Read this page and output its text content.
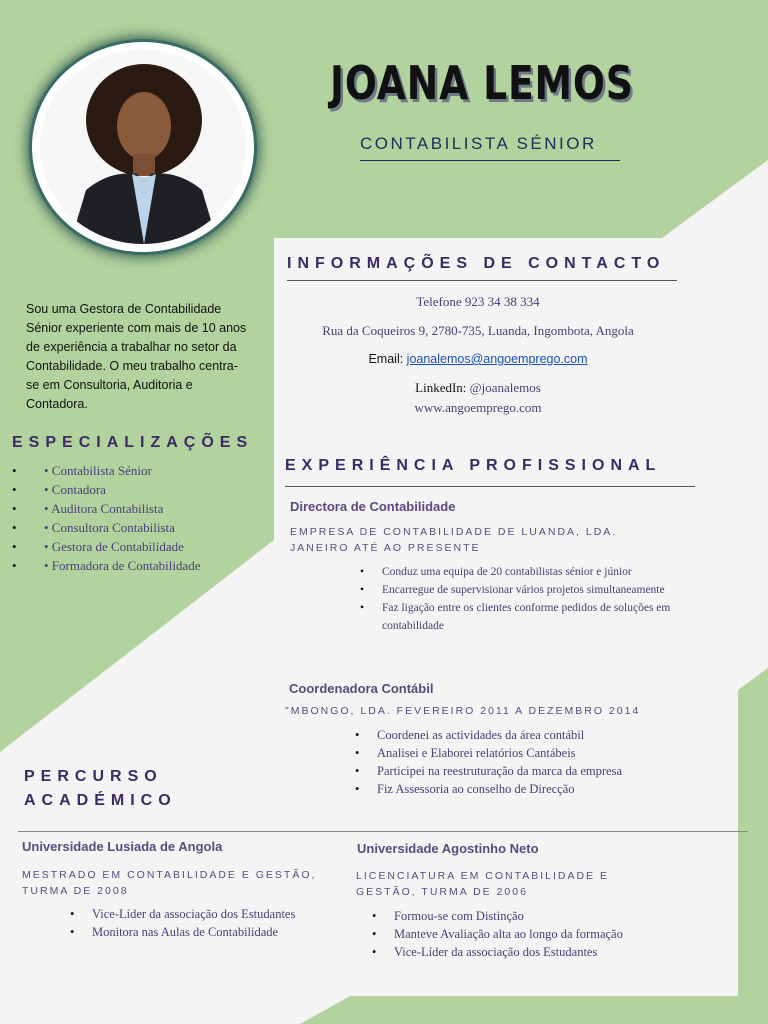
JOANA LEMOS
CONTABILISTA SÉNIOR
Sou uma Gestora de Contabilidade Sénior experiente com mais de 10 anos de experiência a trabalhar no setor da Contabilidade. O meu trabalho centra-se em Consultoria, Auditoria e Contadora.
ESPECIALIZAÇÕES
• • Contabilista Sénior
• • Contadora
• • Auditora Contabilista
• • Consultora Contabilista
• • Gestora de Contabilidade
• • Formadora de Contabilidade
INFORMAÇÕES DE CONTACTO
Telefone 923 34 38 334
Rua da Coqueiros 9, 2780-735, Luanda, Ingombota, Angola
Email: joanalemos@angoemprego.com
LinkedIn: @joanalemos
www.angoemprego.com
EXPERIÊNCIA PROFISSIONAL
Directora de Contabilidade
EMPRESA DE CONTABILIDADE DE LUANDA, LDA. JANEIRO ATÉ AO PRESENTE
• Conduz uma equipa de 20 contabilistas sénior e júnior
• Encarregue de supervisionar vários projetos simultaneamente
• Faz ligação entre os clientes conforme pedidos de soluções em contabilidade
Coordenadora Contábil
"MBONGO, LDA. FEVEREIRO 2011 A DEZEMBRO 2014
• Coordenei as actividades da área contábil
• Analisei e Elaborei relatórios Cantábeis
• Participei na reestruturação da marca da empresa
• Fiz Assessoria ao conselho de Direcção
PERCURSO
ACADÉMICO
Universidade Lusiada de Angola
MESTRADO EM CONTABILIDADE E GESTÃO, TURMA DE 2008
• Vice-Líder da associação dos Estudantes
• Monitora nas Aulas de Contabilidade
Universidade Agostinho Neto
LICENCIATURA EM CONTABILIDADE E GESTÃO, TURMA DE 2006
• Formou-se com Distinção
• Manteve Avaliação alta ao longo da formação
• Vice-Líder da associação dos Estudantes
